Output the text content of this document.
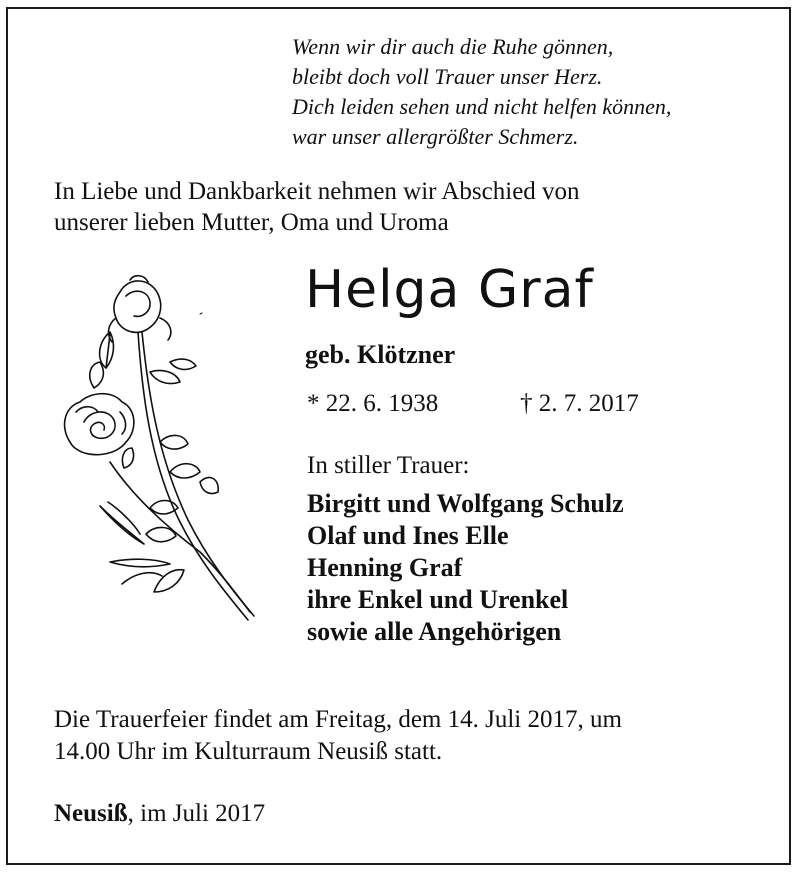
Wenn wir dir auch die Ruhe gönnen,
bleibt doch voll Trauer unser Herz.
Dich leiden sehen und nicht helfen können,
war unser allergrößter Schmerz.
In Liebe und Dankbarkeit nehmen wir Abschied von
unserer lieben Mutter, Oma und Uroma
Helga Graf
geb. Klötzner
* 22. 6. 1938	† 2. 7. 2017
In stiller Trauer:
Birgitt und Wolfgang Schulz
Olaf und Ines Elle
Henning Graf
ihre Enkel und Urenkel
sowie alle Angehörigen
Die Trauerfeier findet am Freitag, dem 14. Juli 2017, um
14.00 Uhr im Kulturraum Neusiß statt.
Neusiß, im Juli 2017
